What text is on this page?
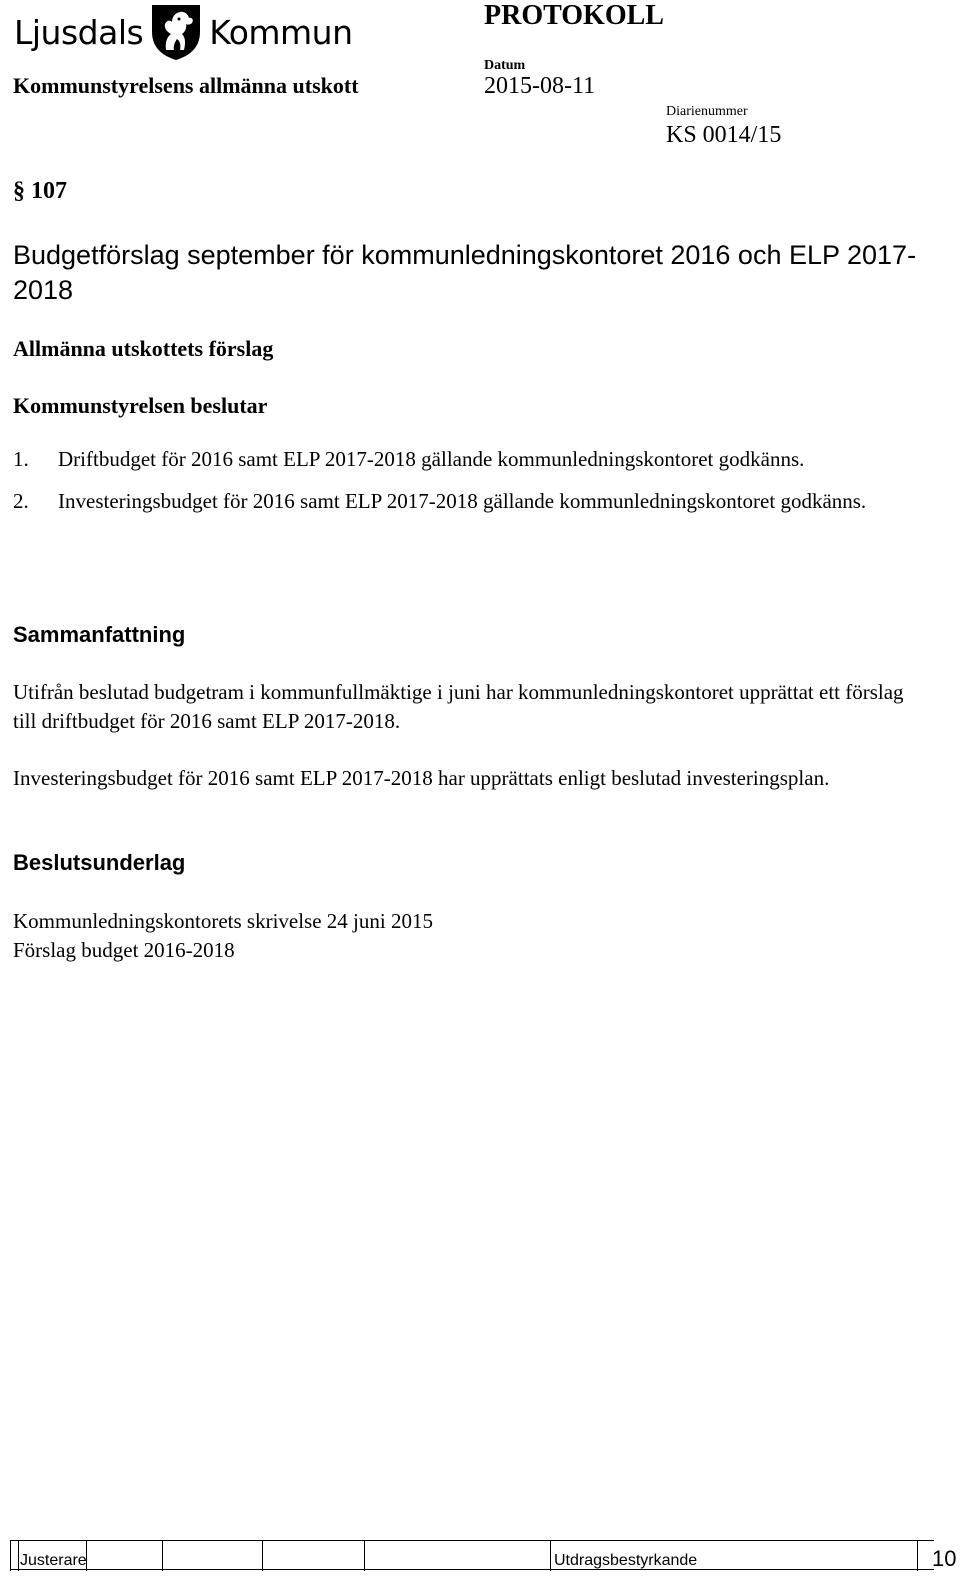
Ljusdals Kommun	PROTOKOLL
Kommunstyrelsens allmänna utskott
Datum
2015-08-11
Diarienummer
KS 0014/15
§ 107
Budgetförslag september för kommunledningskontoret 2016 och ELP 2017-2018
Allmänna utskottets förslag
Kommunstyrelsen beslutar
1. Driftbudget för 2016 samt ELP 2017-2018 gällande kommunledningskontoret godkänns.
2. Investeringsbudget för 2016 samt ELP 2017-2018 gällande kommunledningskontoret godkänns.
Sammanfattning
Utifrån beslutad budgetram i kommunfullmäktige i juni har kommunledningskontoret upprättat ett förslag till driftbudget för 2016 samt ELP 2017-2018.
Investeringsbudget för 2016 samt ELP 2017-2018 har upprättats enligt beslutad investeringsplan.
Beslutsunderlag
Kommunledningskontorets skrivelse 24 juni 2015
Förslag budget 2016-2018
Justerare	Utdragsbestyrkande	10
